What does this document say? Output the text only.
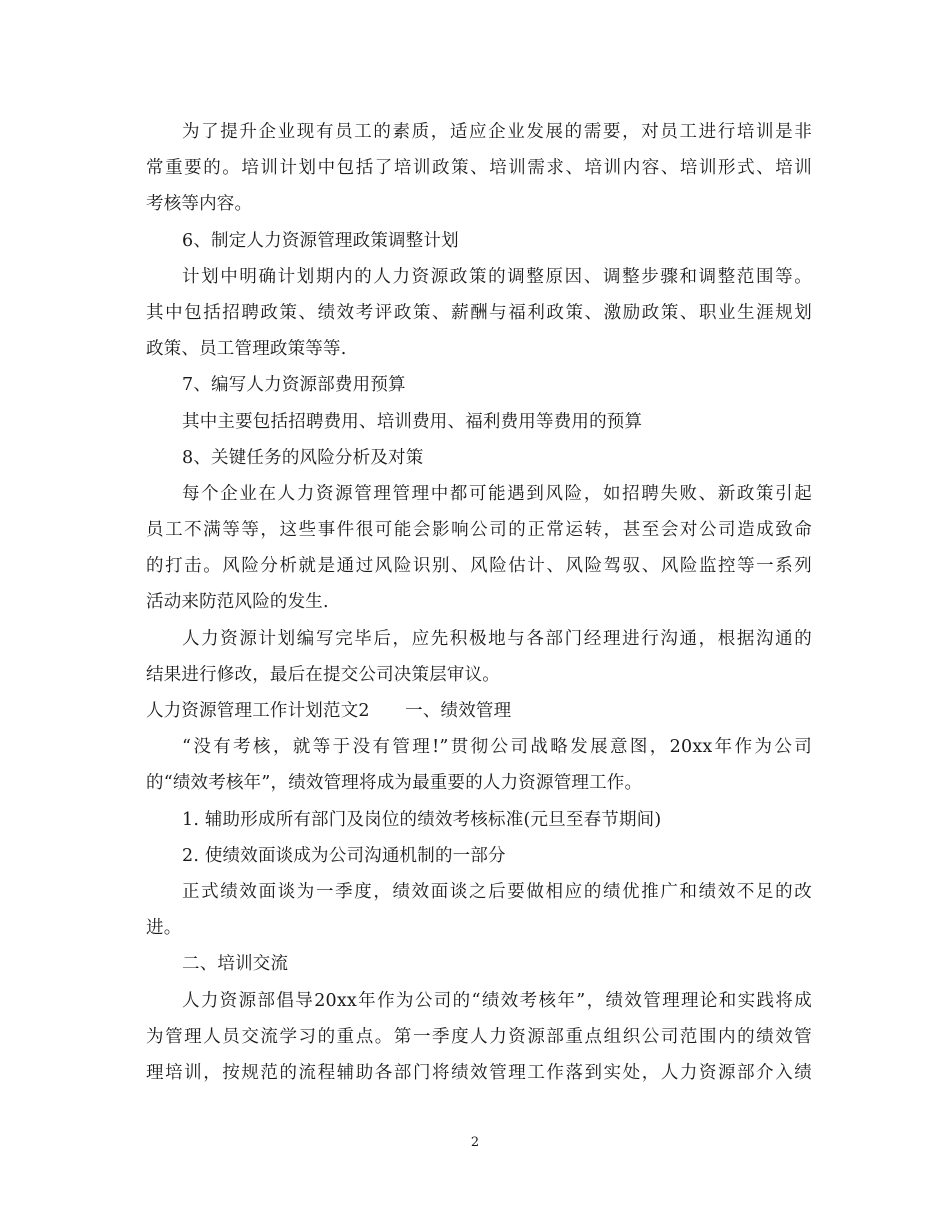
为了提升企业现有员工的素质，适应企业发展的需要，对员工进行培训是非
常重要的。培训计划中包括了培训政策、培训需求、培训内容、培训形式、培训
考核等内容。
6、制定人力资源管理政策调整计划
计划中明确计划期内的人力资源政策的调整原因、调整步骤和调整范围等。
其中包括招聘政策、绩效考评政策、薪酬与福利政策、激励政策、职业生涯规划
政策、员工管理政策等等.
7、编写人力资源部费用预算
其中主要包括招聘费用、培训费用、福利费用等费用的预算
8、关键任务的风险分析及对策
每个企业在人力资源管理管理中都可能遇到风险，如招聘失败、新政策引起
员工不满等等，这些事件很可能会影响公司的正常运转，甚至会对公司造成致命
的打击。风险分析就是通过风险识别、风险估计、风险驾驭、风险监控等一系列
活动来防范风险的发生.
人力资源计划编写完毕后，应先积极地与各部门经理进行沟通，根据沟通的
结果进行修改，最后在提交公司决策层审议。
人力资源管理工作计划范文2　　一、绩效管理
“没有考核，就等于没有管理!”贯彻公司战略发展意图，20xx年作为公司
的“绩效考核年”，绩效管理将成为最重要的人力资源管理工作。
1. 辅助形成所有部门及岗位的绩效考核标准(元旦至春节期间)
2. 使绩效面谈成为公司沟通机制的一部分
正式绩效面谈为一季度，绩效面谈之后要做相应的绩优推广和绩效不足的改
进。
二、培训交流
人力资源部倡导20xx年作为公司的“绩效考核年”，绩效管理理论和实践将成
为管理人员交流学习的重点。第一季度人力资源部重点组织公司范围内的绩效管
理培训，按规范的流程辅助各部门将绩效管理工作落到实处，人力资源部介入绩
2
